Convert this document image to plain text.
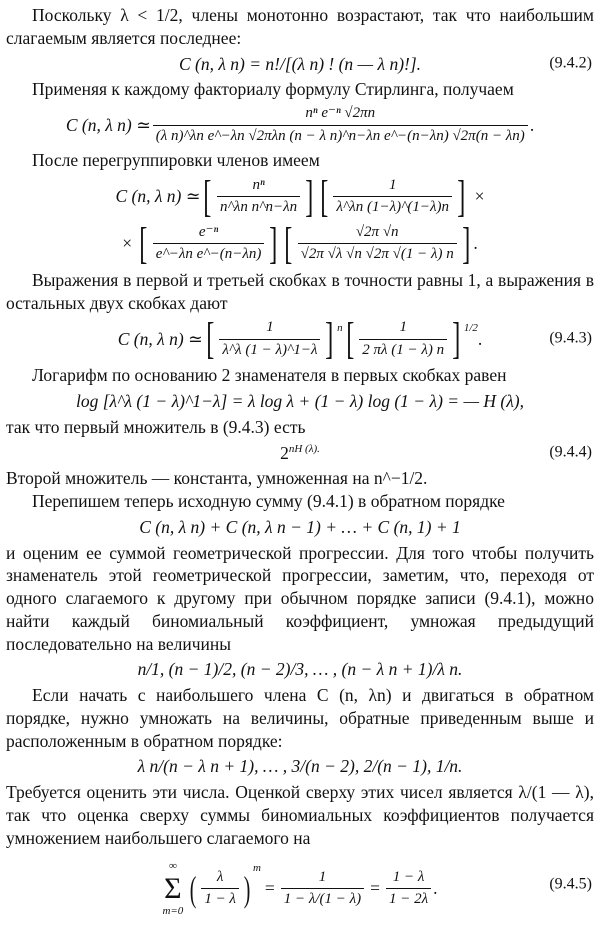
Поскольку λ < 1/2, члены монотонно возрастают, так что наибольшим слагаемым является последнее:

C (n, λ n) = n!/[(λ n) ! (n — λ n)!].	(9.4.2)

Применяя к каждому факториалу формулу Стирлинга, получаем

C (n, λ n) ≃ $\frac{\text{nⁿ e⁻ⁿ √2πn}}{\text{(λ n)\textasciicircum{}λn e\textasciicircum{}−λn √2πλn (n − λ n)\textasciicircum{}n−λn e\textasciicircum{}−(n−λn) √2π(n − λn)}}$ .

После перегруппировки членов имеем

C (n, λ n) ≃ [ $\frac{\text{nⁿ}}{\text{n\textasciicircum{}λn n\textasciicircum{}n−λn}}$ ] [ $\frac{1}{\lambda\^{}\lambda n (1-\lambda)\^{}(1-\lambda)n}$ ] ×
× [ $\frac{\text{e⁻ⁿ}}{\text{e\textasciicircum{}−λn e\textasciicircum{}−(n−λn)}}$ ] [ $\frac{√2\pi √n}{√2\pi √\lambda √n √2\pi √(1 - \lambda) n}$ ] .

Выражения в первой и третьей скобках в точности равны 1, а выражения в остальных двух скобках дают

C (n, λ n) ≃ [ $\frac{1}{\lambda\^{}\lambda (1 - \lambda)\^{}1-\lambda}$ ] $^n$ [ $\frac{1}{2 \pi\lambda (1 - \lambda) n}$ ] $^{1/2}$
.	(9.4.3)

Логарифм по основанию 2 знаменателя в первых скобках равен

log [λ^λ (1 − λ)^1−λ] = λ log λ + (1 − λ) log (1 − λ) = — H (λ),

так что первый множитель в (9.4.3) есть

$2^{nH (\lambda).}$	(9.4.4)

Второй множитель — константа, умноженная на n^−1/2.

Перепишем теперь исходную сумму (9.4.1) в обратном порядке

C (n, λ n) + C (n, λ n − 1) + … + C (n, 1) + 1

и оценим ее суммой геометрической прогрессии. Для того чтобы получить знаменатель этой геометрической прогрессии, заметим, что, переходя от одного слагаемого к другому при обычном порядке записи (9.4.1), можно найти каждый биномиальный коэффициент, умножая предыдущий последовательно на величины

n/1, (n − 1)/2, (n − 2)/3, … , (n − λ n + 1)/λ n.

Если начать с наибольшего члена C (n, λn) и двигаться в обратном порядке, нужно умножать на величины, обратные приведенным выше и расположенным в обратном порядке:

λ n/(n − λ n + 1), … , 3/(n − 2), 2/(n − 1), 1/n.

Требуется оценить эти числа. Оценкой сверху этих чисел является λ/(1 — λ), так что оценка сверху суммы биномиальных коэффициентов получается умножением наибольшего слагаемого на

∞
Σ
m=0
( $\frac{\lambda}{1 - \lambda}$ )
$^m$
= $\frac{1}{1 - \lambda/(1 - \lambda)} = \frac{1 - \lambda}{1 - 2\lambda}$ .	(9.4.5)
